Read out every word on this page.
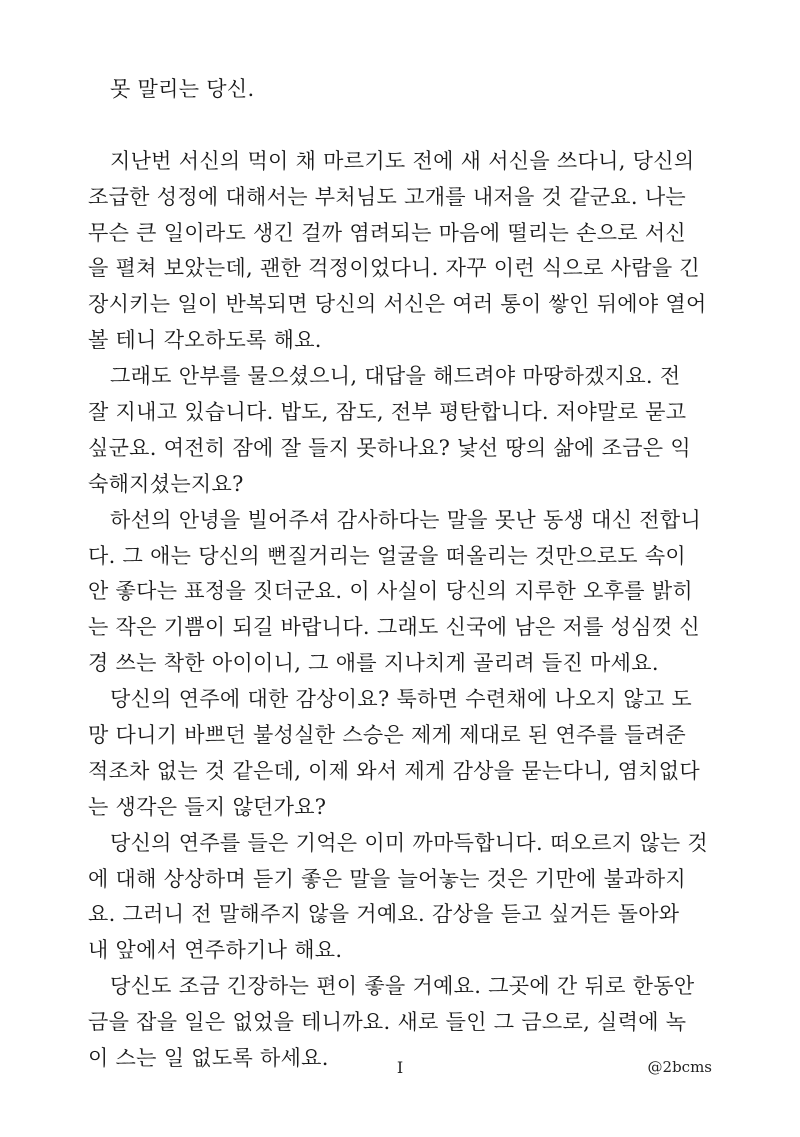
못 말리는 당신.
지난번 서신의 먹이 채 마르기도 전에 새 서신을 쓰다니, 당신의
조급한 성정에 대해서는 부처님도 고개를 내저을 것 같군요. 나는
무슨 큰 일이라도 생긴 걸까 염려되는 마음에 떨리는 손으로 서신
을 펼쳐 보았는데, 괜한 걱정이었다니. 자꾸 이런 식으로 사람을 긴
장시키는 일이 반복되면 당신의 서신은 여러 통이 쌓인 뒤에야 열어
볼 테니 각오하도록 해요.
그래도 안부를 물으셨으니, 대답을 해드려야 마땅하겠지요. 전
잘 지내고 있습니다. 밥도, 잠도, 전부 평탄합니다. 저야말로 묻고
싶군요. 여전히 잠에 잘 들지 못하나요? 낯선 땅의 삶에 조금은 익
숙해지셨는지요?
하선의 안녕을 빌어주셔 감사하다는 말을 못난 동생 대신 전합니
다. 그 애는 당신의 뻔질거리는 얼굴을 떠올리는 것만으로도 속이
안 좋다는 표정을 짓더군요. 이 사실이 당신의 지루한 오후를 밝히
는 작은 기쁨이 되길 바랍니다. 그래도 신국에 남은 저를 성심껏 신
경 쓰는 착한 아이이니, 그 애를 지나치게 골리려 들진 마세요.
당신의 연주에 대한 감상이요? 툭하면 수련채에 나오지 않고 도
망 다니기 바쁘던 불성실한 스승은 제게 제대로 된 연주를 들려준
적조차 없는 것 같은데, 이제 와서 제게 감상을 묻는다니, 염치없다
는 생각은 들지 않던가요?
당신의 연주를 들은 기억은 이미 까마득합니다. 떠오르지 않는 것
에 대해 상상하며 듣기 좋은 말을 늘어놓는 것은 기만에 불과하지
요. 그러니 전 말해주지 않을 거예요. 감상을 듣고 싶거든 돌아와
내 앞에서 연주하기나 해요.
당신도 조금 긴장하는 편이 좋을 거예요. 그곳에 간 뒤로 한동안
금을 잡을 일은 없었을 테니까요. 새로 들인 그 금으로, 실력에 녹
이 스는 일 없도록 하세요.	I	@2bcms
